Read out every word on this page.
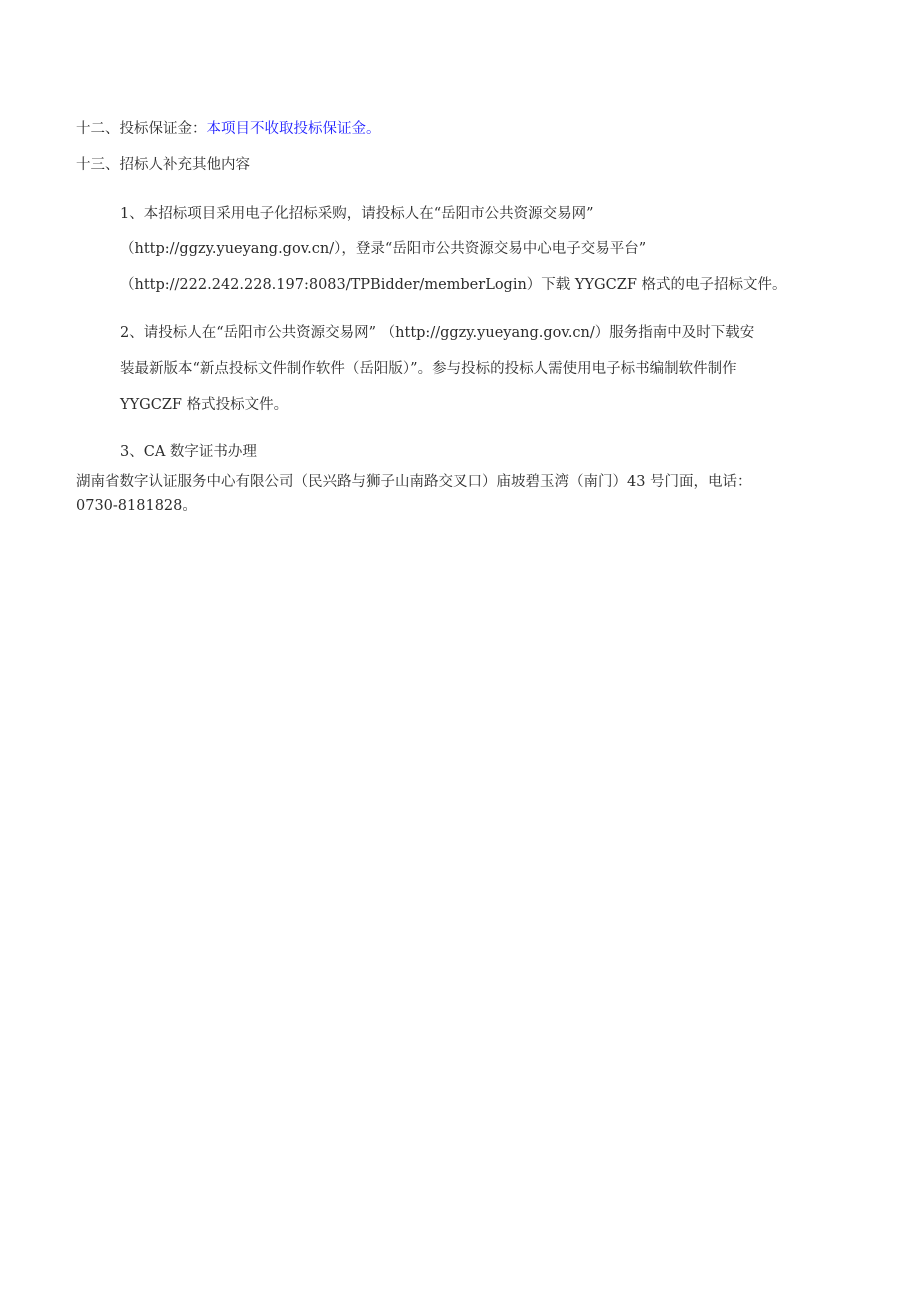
十二、投标保证金：本项目不收取投标保证金。
十三、招标人补充其他内容
1、本招标项目采用电子化招标采购，请投标人在“岳阳市公共资源交易网”
（http://ggzy.yueyang.gov.cn/），登录“岳阳市公共资源交易中心电子交易平台”
（http://222.242.228.197:8083/TPBidder/memberLogin）下载 YYGCZF 格式的电子招标文件。
2、请投标人在“岳阳市公共资源交易网” （http://ggzy.yueyang.gov.cn/）服务指南中及时下载安
装最新版本“新点投标文件制作软件（岳阳版）”。参与投标的投标人需使用电子标书编制软件制作
YYGCZF 格式投标文件。
3、CA 数字证书办理
湖南省数字认证服务中心有限公司（民兴路与狮子山南路交叉口）庙坡碧玉湾（南门）43 号门面，电话：
0730-8181828。
